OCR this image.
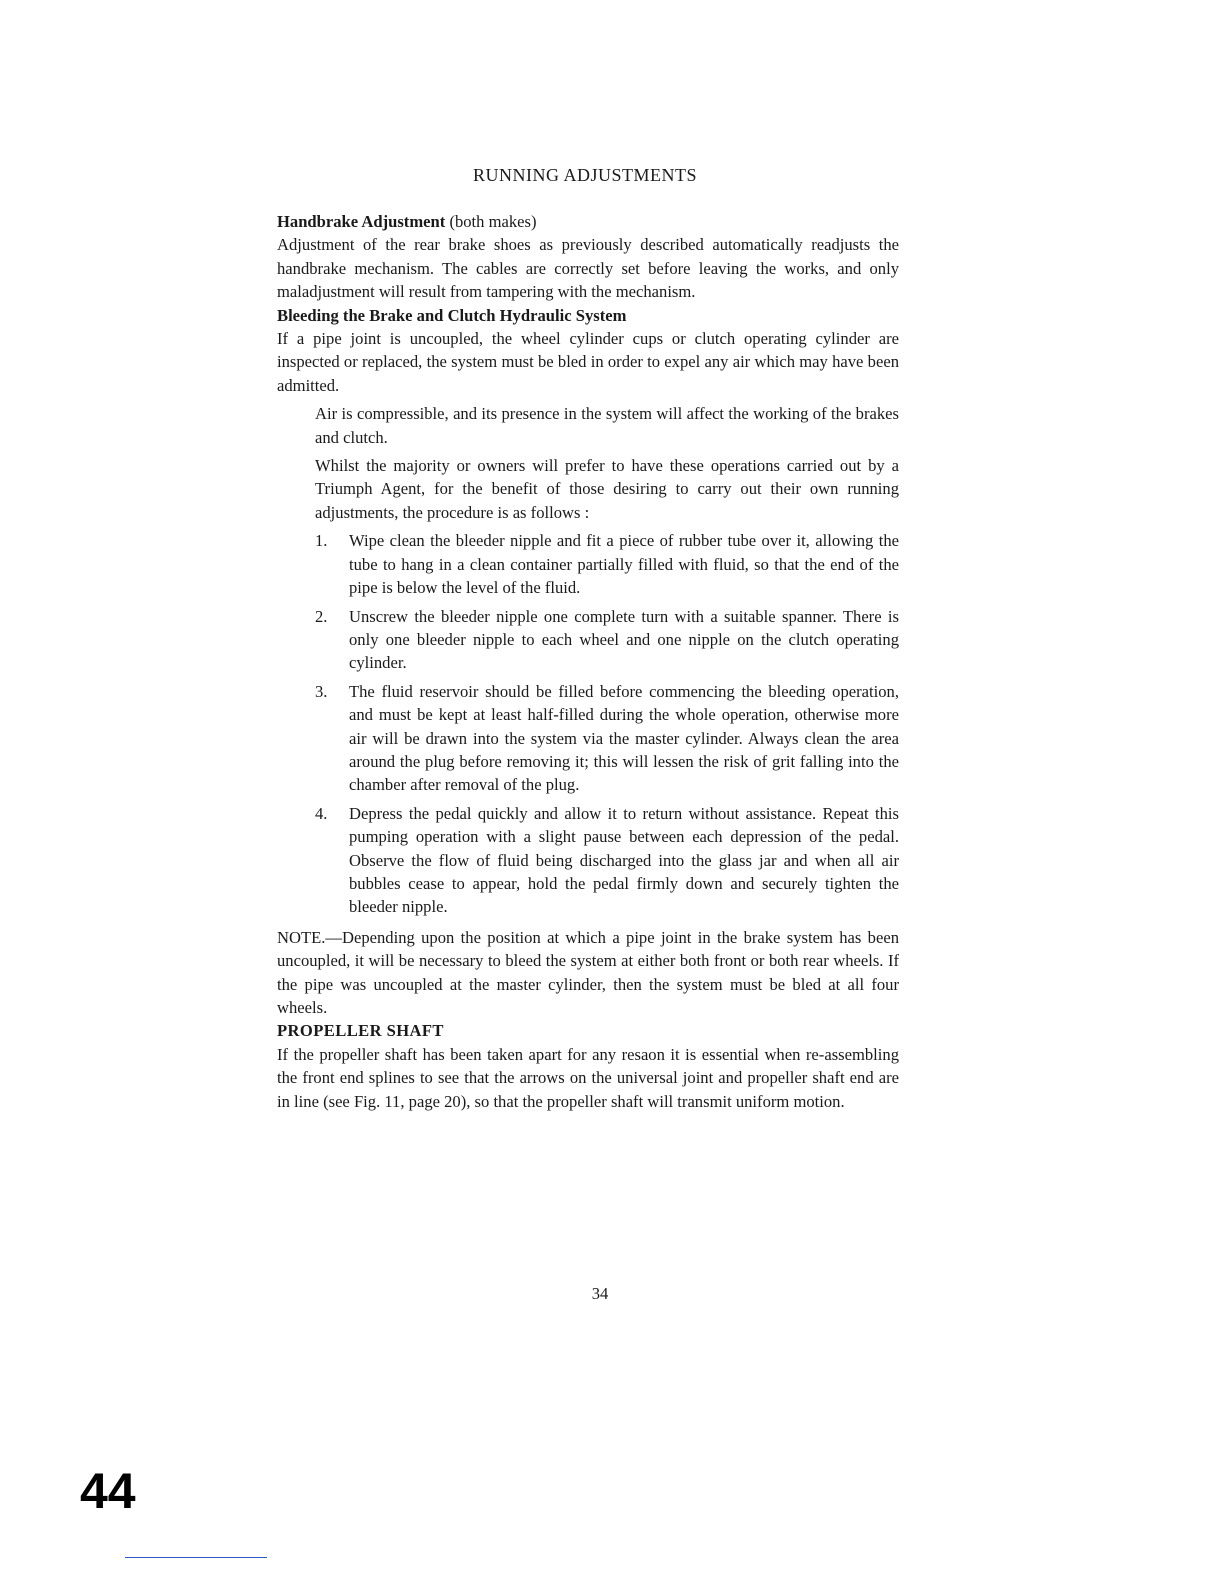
RUNNING ADJUSTMENTS

Handbrake Adjustment (both makes)

Adjustment of the rear brake shoes as previously described automatically readjusts the handbrake mechanism. The cables are correctly set before leaving the works, and only maladjustment will result from tampering with the mechanism.

Bleeding the Brake and Clutch Hydraulic System

If a pipe joint is uncoupled, the wheel cylinder cups or clutch operating cylinder are inspected or replaced, the system must be bled in order to expel any air which may have been admitted.

Air is compressible, and its presence in the system will affect the working of the brakes and clutch.

Whilst the majority or owners will prefer to have these operations carried out by a Triumph Agent, for the benefit of those desiring to carry out their own running adjustments, the procedure is as follows :

1. Wipe clean the bleeder nipple and fit a piece of rubber tube over it, allowing the tube to hang in a clean container partially filled with fluid, so that the end of the pipe is below the level of the fluid.
2. Unscrew the bleeder nipple one complete turn with a suitable spanner. There is only one bleeder nipple to each wheel and one nipple on the clutch operating cylinder.
3. The fluid reservoir should be filled before commencing the bleeding operation, and must be kept at least half-filled during the whole operation, otherwise more air will be drawn into the system via the master cylinder. Always clean the area around the plug before removing it; this will lessen the risk of grit falling into the chamber after removal of the plug.
4. Depress the pedal quickly and allow it to return without assistance. Repeat this pumping operation with a slight pause between each depression of the pedal. Observe the flow of fluid being discharged into the glass jar and when all air bubbles cease to appear, hold the pedal firmly down and securely tighten the bleeder nipple.

NOTE.—Depending upon the position at which a pipe joint in the brake system has been uncoupled, it will be necessary to bleed the system at either both front or both rear wheels. If the pipe was uncoupled at the master cylinder, then the system must be bled at all four wheels.

PROPELLER SHAFT

If the propeller shaft has been taken apart for any resaon it is essential when re-assembling the front end splines to see that the arrows on the universal joint and propeller shaft end are in line (see Fig. 11, page 20), so that the propeller shaft will transmit uniform motion.

34
44
